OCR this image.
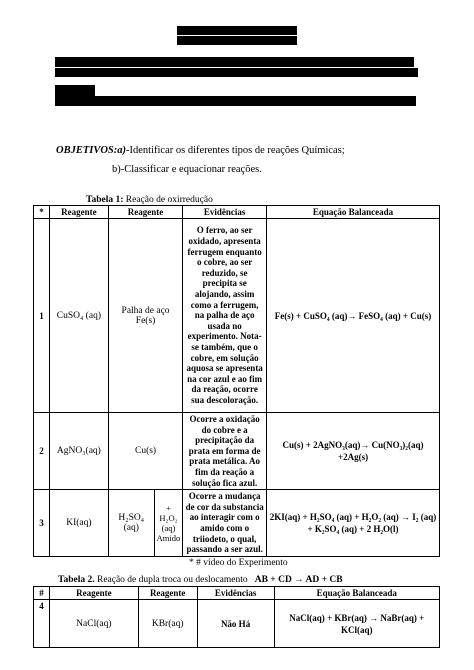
OBJETIVOS:a)-Identificar os diferentes tipos de reações Químicas;
b)-Classificar e equacionar reações.
Tabela 1: Reação de oxirredução
*	Reagente	Reagente		Evidências	Equação Balanceada
1	CuSO₄ (aq)	Palha de aço Fe(s)		O ferro, ao ser oxidado, apresenta ferrugem enquanto o cobre, ao ser reduzido, se precipita se alojando, assim como a ferrugem, na palha de aço usada no experimento. Nota-se também, que o cobre, em solução aquosa se apresenta na cor azul e ao fim da reação, ocorre sua descoloração.	Fe(s) + CuSO₄ (aq)→ FeSO₄ (aq) + Cu(s)
2	AgNO₃(aq)	Cu(s)		Ocorre a oxidação do cobre e a precipitação da prata em forma de prata metálica. Ao fim da reação a solução fica azul.	Cu(s) + 2AgNO₃(aq)→ Cu(NO₃)₂(aq) +2Ag(s)
3	KI(aq)	H₂SO₄ (aq)	+ H₂O₂ (aq) Amido	Ocorre a mudança de cor da substancia ao interagir com o amido com o triiodeto, o qual, passando a ser azul.	2KI(aq) + H₂SO₄ (aq) + H₂O₂ (aq) → I₂ (aq) + K₂SO₄ (aq) + 2 H₂O(l)
* # vídeo do Experimento
Tabela 2. Reação de dupla troca ou deslocamento AB + CD → AD + CB
#	Reagente	Reagente	Evidências	Equação Balanceada
4	NaCl(aq)	KBr(aq)	Não Há	NaCl(aq) + KBr(aq) → NaBr(aq) + KCl(aq)
